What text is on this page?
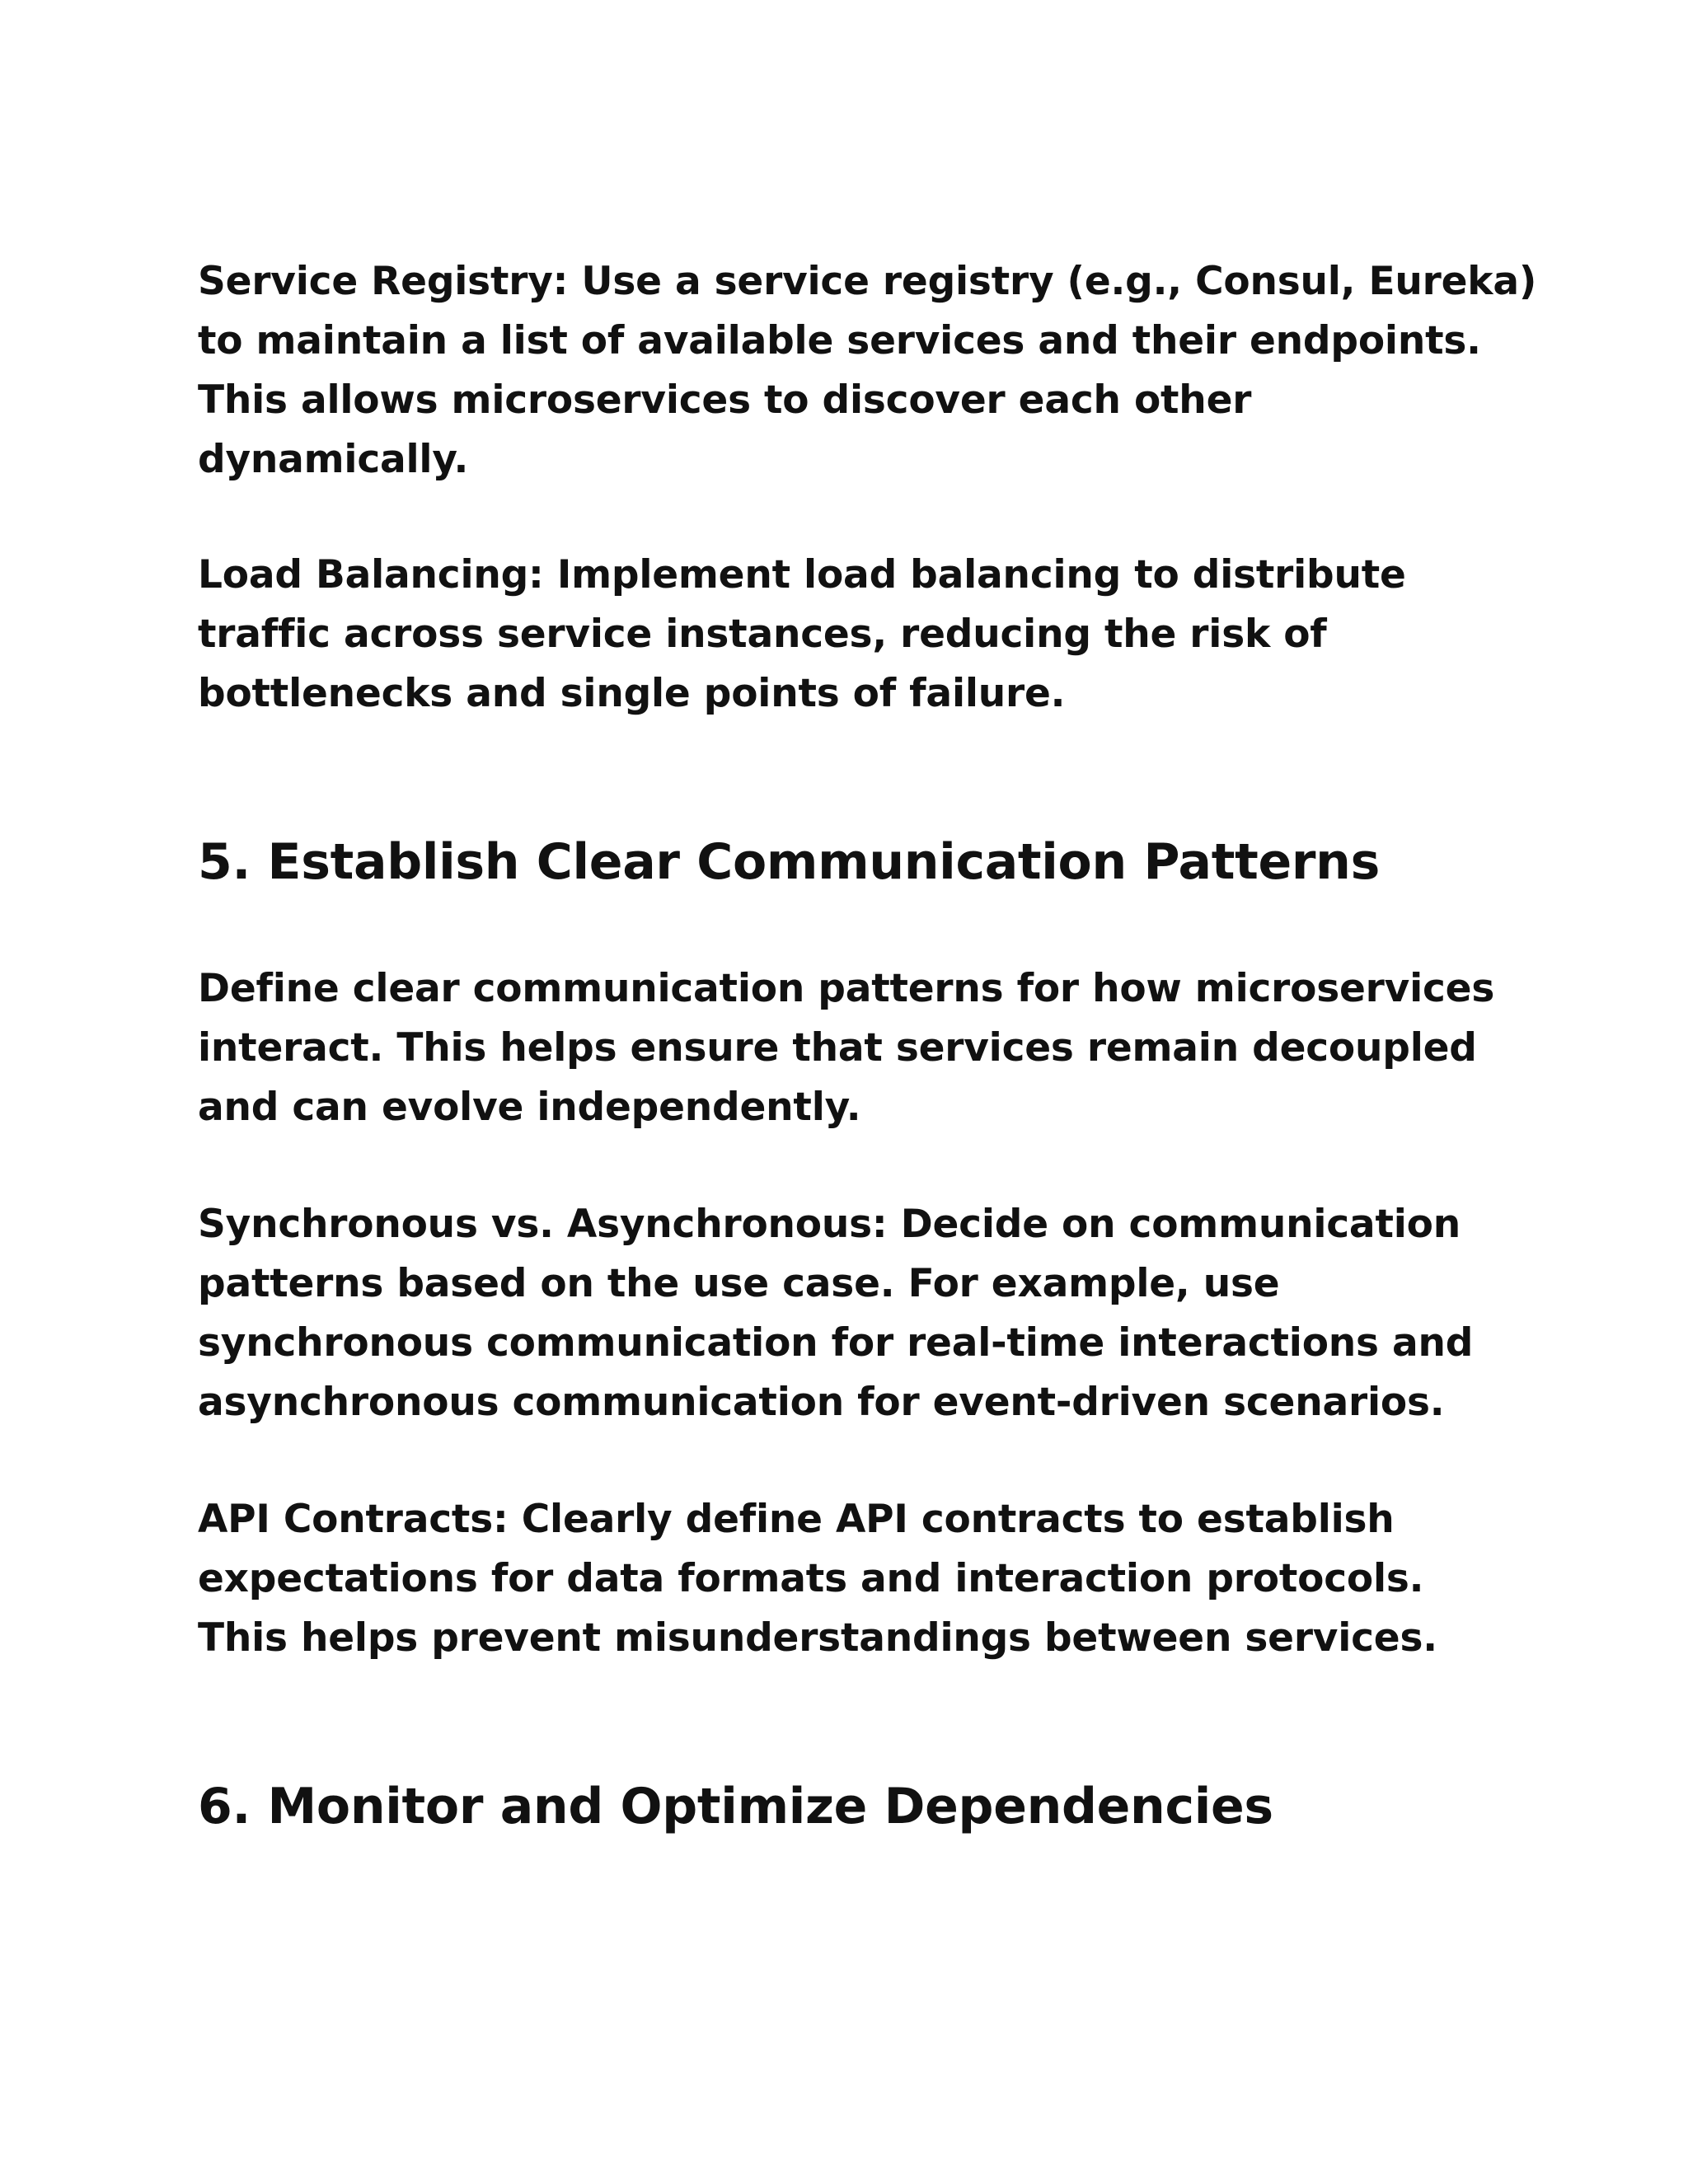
Service Registry: Use a service registry (e.g., Consul, Eureka)
to maintain a list of available services and their endpoints.
This allows microservices to discover each other
dynamically.

Load Balancing: Implement load balancing to distribute
traffic across service instances, reducing the risk of
bottlenecks and single points of failure.

5. Establish Clear Communication Patterns

Define clear communication patterns for how microservices
interact. This helps ensure that services remain decoupled
and can evolve independently.

Synchronous vs. Asynchronous: Decide on communication
patterns based on the use case. For example, use
synchronous communication for real-time interactions and
asynchronous communication for event-driven scenarios.

API Contracts: Clearly define API contracts to establish
expectations for data formats and interaction protocols.
This helps prevent misunderstandings between services.

6. Monitor and Optimize Dependencies
